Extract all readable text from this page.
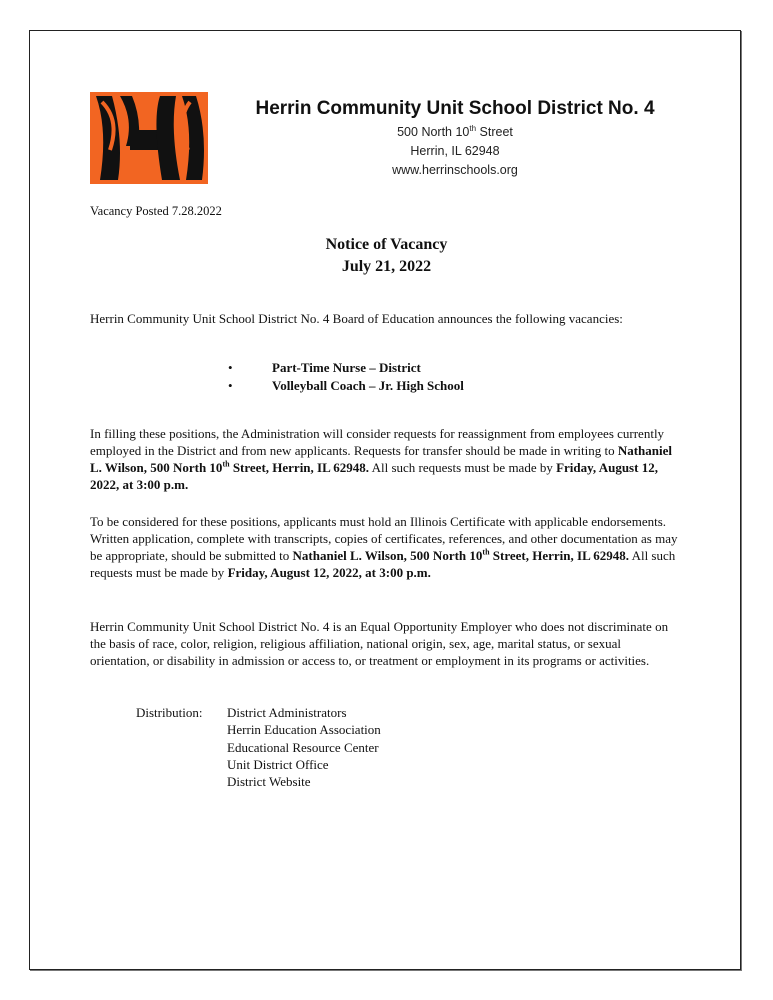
Herrin Community Unit School District No. 4
500 North 10th Street
Herrin, IL 62948
www.herrinschools.org
Vacancy Posted 7.28.2022
Notice of Vacancy
July 21, 2022
Herrin Community Unit School District No. 4 Board of Education announces the following vacancies:
•	Part-Time Nurse – District
•	Volleyball Coach – Jr. High School
In filling these positions, the Administration will consider requests for reassignment from employees currently employed in the District and from new applicants. Requests for transfer should be made in writing to Nathaniel L. Wilson, 500 North 10th Street, Herrin, IL 62948. All such requests must be made by Friday, August 12, 2022, at 3:00 p.m.
To be considered for these positions, applicants must hold an Illinois Certificate with applicable endorsements. Written application, complete with transcripts, copies of certificates, references, and other documentation as may be appropriate, should be submitted to Nathaniel L. Wilson, 500 North 10th Street, Herrin, IL 62948. All such requests must be made by Friday, August 12, 2022, at 3:00 p.m.
Herrin Community Unit School District No. 4 is an Equal Opportunity Employer who does not discriminate on the basis of race, color, religion, religious affiliation, national origin, sex, age, marital status, or sexual orientation, or disability in admission or access to, or treatment or employment in its programs or activities.
Distribution:	District Administrators
Herrin Education Association
Educational Resource Center
Unit District Office
District Website
